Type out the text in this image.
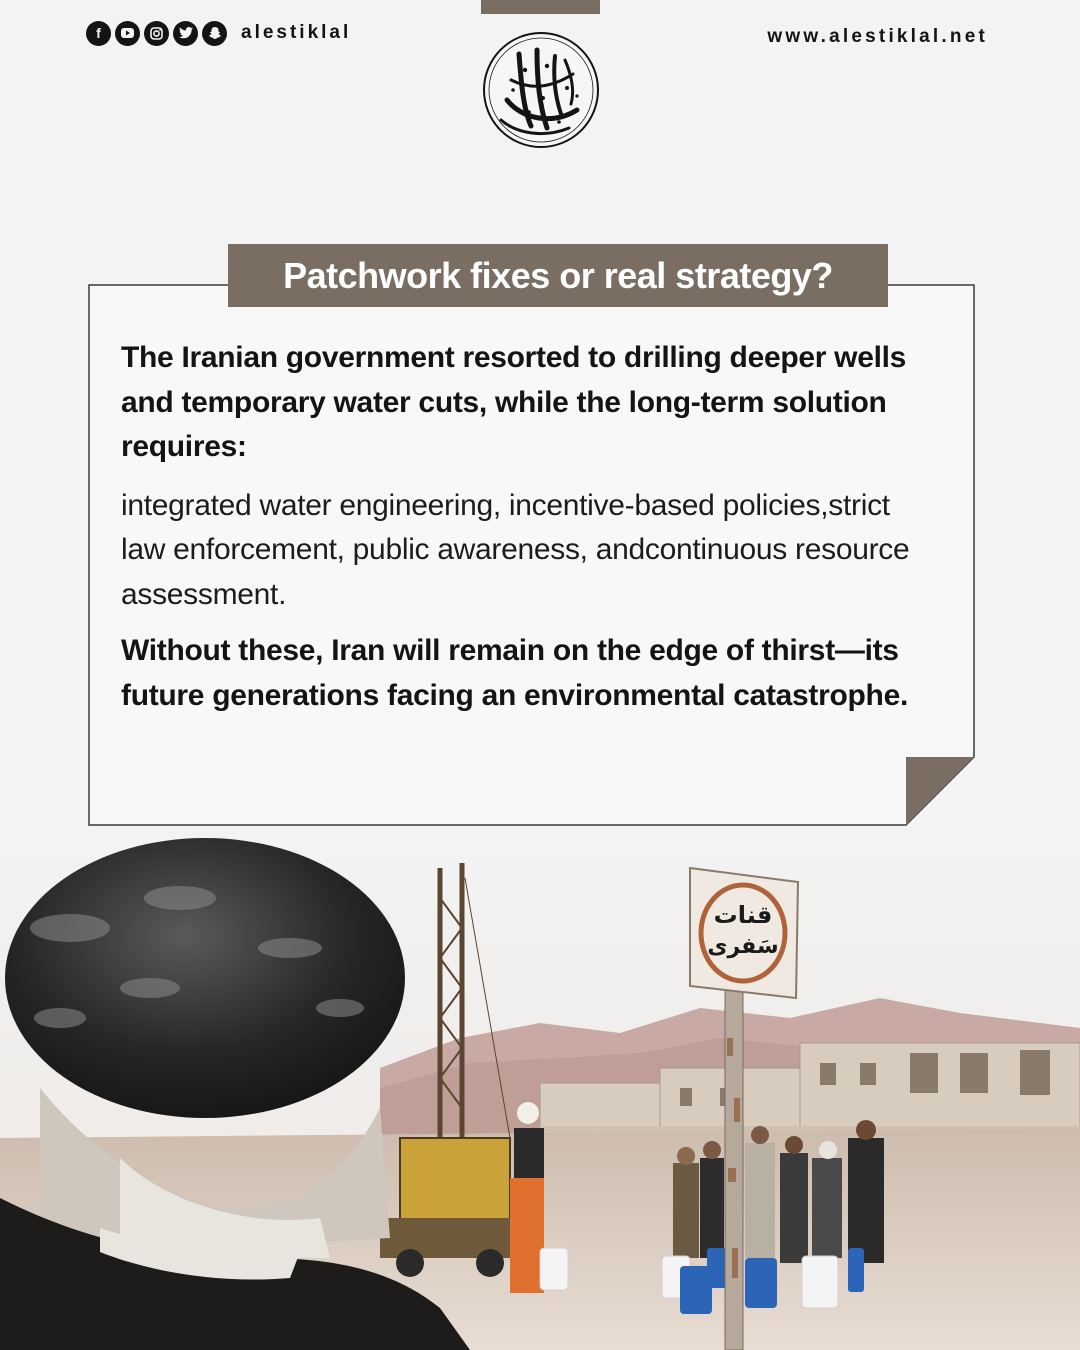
f	alestiklal	www.alestiklal.net
Patchwork fixes or real strategy?

The Iranian government resorted to drilling deeper wells and temporary water cuts, while the long-term solution requires:

integrated water engineering, incentive-based policies,strict law enforcement, public awareness, andcontinuous resource assessment.

Without these, Iran will remain on the edge of thirst—its future generations facing an environmental catastrophe.

قنات
سَفرى
